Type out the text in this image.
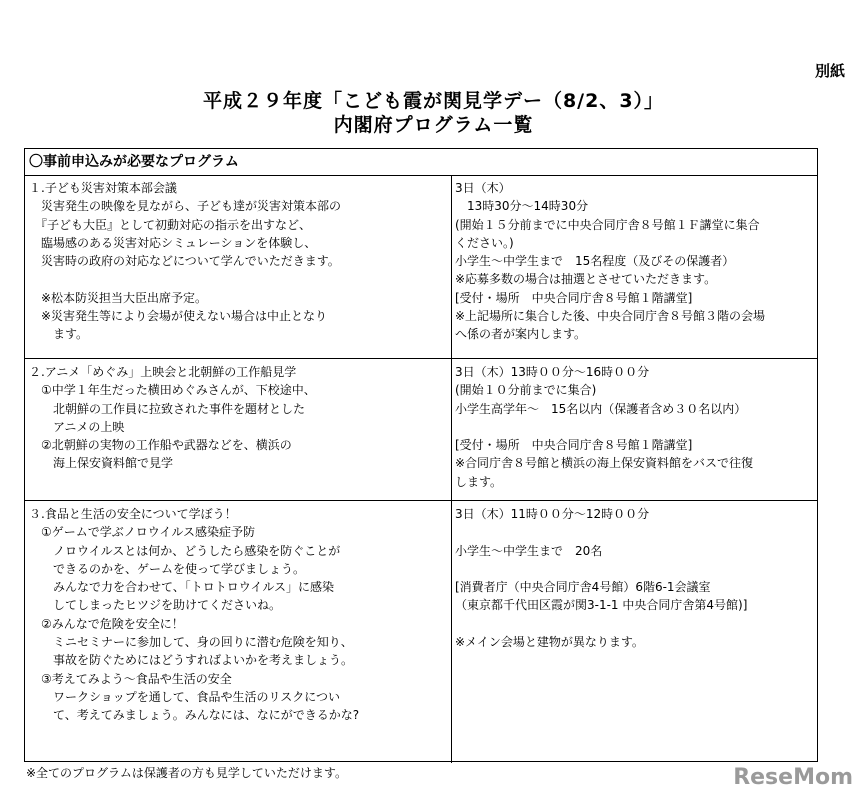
別紙
平成２９年度「こども霞が関見学デー（8/2、3）」
内閣府プログラム一覧
〇事前申込みが必要なプログラム
１.子ども災害対策本部会議
　災害発生の映像を見ながら、子ども達が災害対策本部の
　『子ども大臣』として初動対応の指示を出すなど、
　臨場感のある災害対応シミュレーションを体験し、
　災害時の政府の対応などについて学んでいただきます。

　※松本防災担当大臣出席予定。
　※災害発生等により会場が使えない場合は中止となり
　　ます。
3日（木）
　13時30分～14時30分
(開始１５分前までに中央合同庁舎８号館１Ｆ講堂に集合
ください。)
小学生～中学生まで　15名程度（及びその保護者）
※応募多数の場合は抽選とさせていただきます。
[受付・場所　中央合同庁舎８号館１階講堂]
※上記場所に集合した後、中央合同庁舎８号館３階の会場
へ係の者が案内します。
２.アニメ「めぐみ」上映会と北朝鮮の工作船見学
　①中学１年生だった横田めぐみさんが、下校途中、
　　北朝鮮の工作員に拉致された事件を題材とした
　　アニメの上映
　②北朝鮮の実物の工作船や武器などを、横浜の
　　海上保安資料館で見学
3日（木）13時００分～16時００分
(開始１０分前までに集合)
小学生高学年～　15名以内（保護者含め３０名以内）

[受付・場所　中央合同庁舎８号館１階講堂]
※合同庁舎８号館と横浜の海上保安資料館をバスで往復
します。
３.食品と生活の安全について学ぼう！
　①ゲームで学ぶノロウイルス感染症予防
　　ノロウイルスとは何か、どうしたら感染を防ぐことが
　　できるのかを、ゲームを使って学びましょう。
　　みんなで力を合わせて、「トロトロウイルス」に感染
　　してしまったヒツジを助けてくださいね。
　②みんなで危険を安全に！
　　ミニセミナーに参加して、身の回りに潜む危険を知り、
　　事故を防ぐためにはどうすればよいかを考えましょう。
　③考えてみよう～食品や生活の安全
　　ワークショップを通して、食品や生活のリスクについ
　　て、考えてみましょう。みんなには、なにができるかな?
3日（木）11時００分～12時００分

小学生～中学生まで　20名

[消費者庁（中央合同庁舎4号館）6階6-1会議室
（東京都千代田区霞が関3-1-1 中央合同庁舎第4号館)]

※メイン会場と建物が異なります。
※全てのプログラムは保護者の方も見学していただけます。	ReseMom
